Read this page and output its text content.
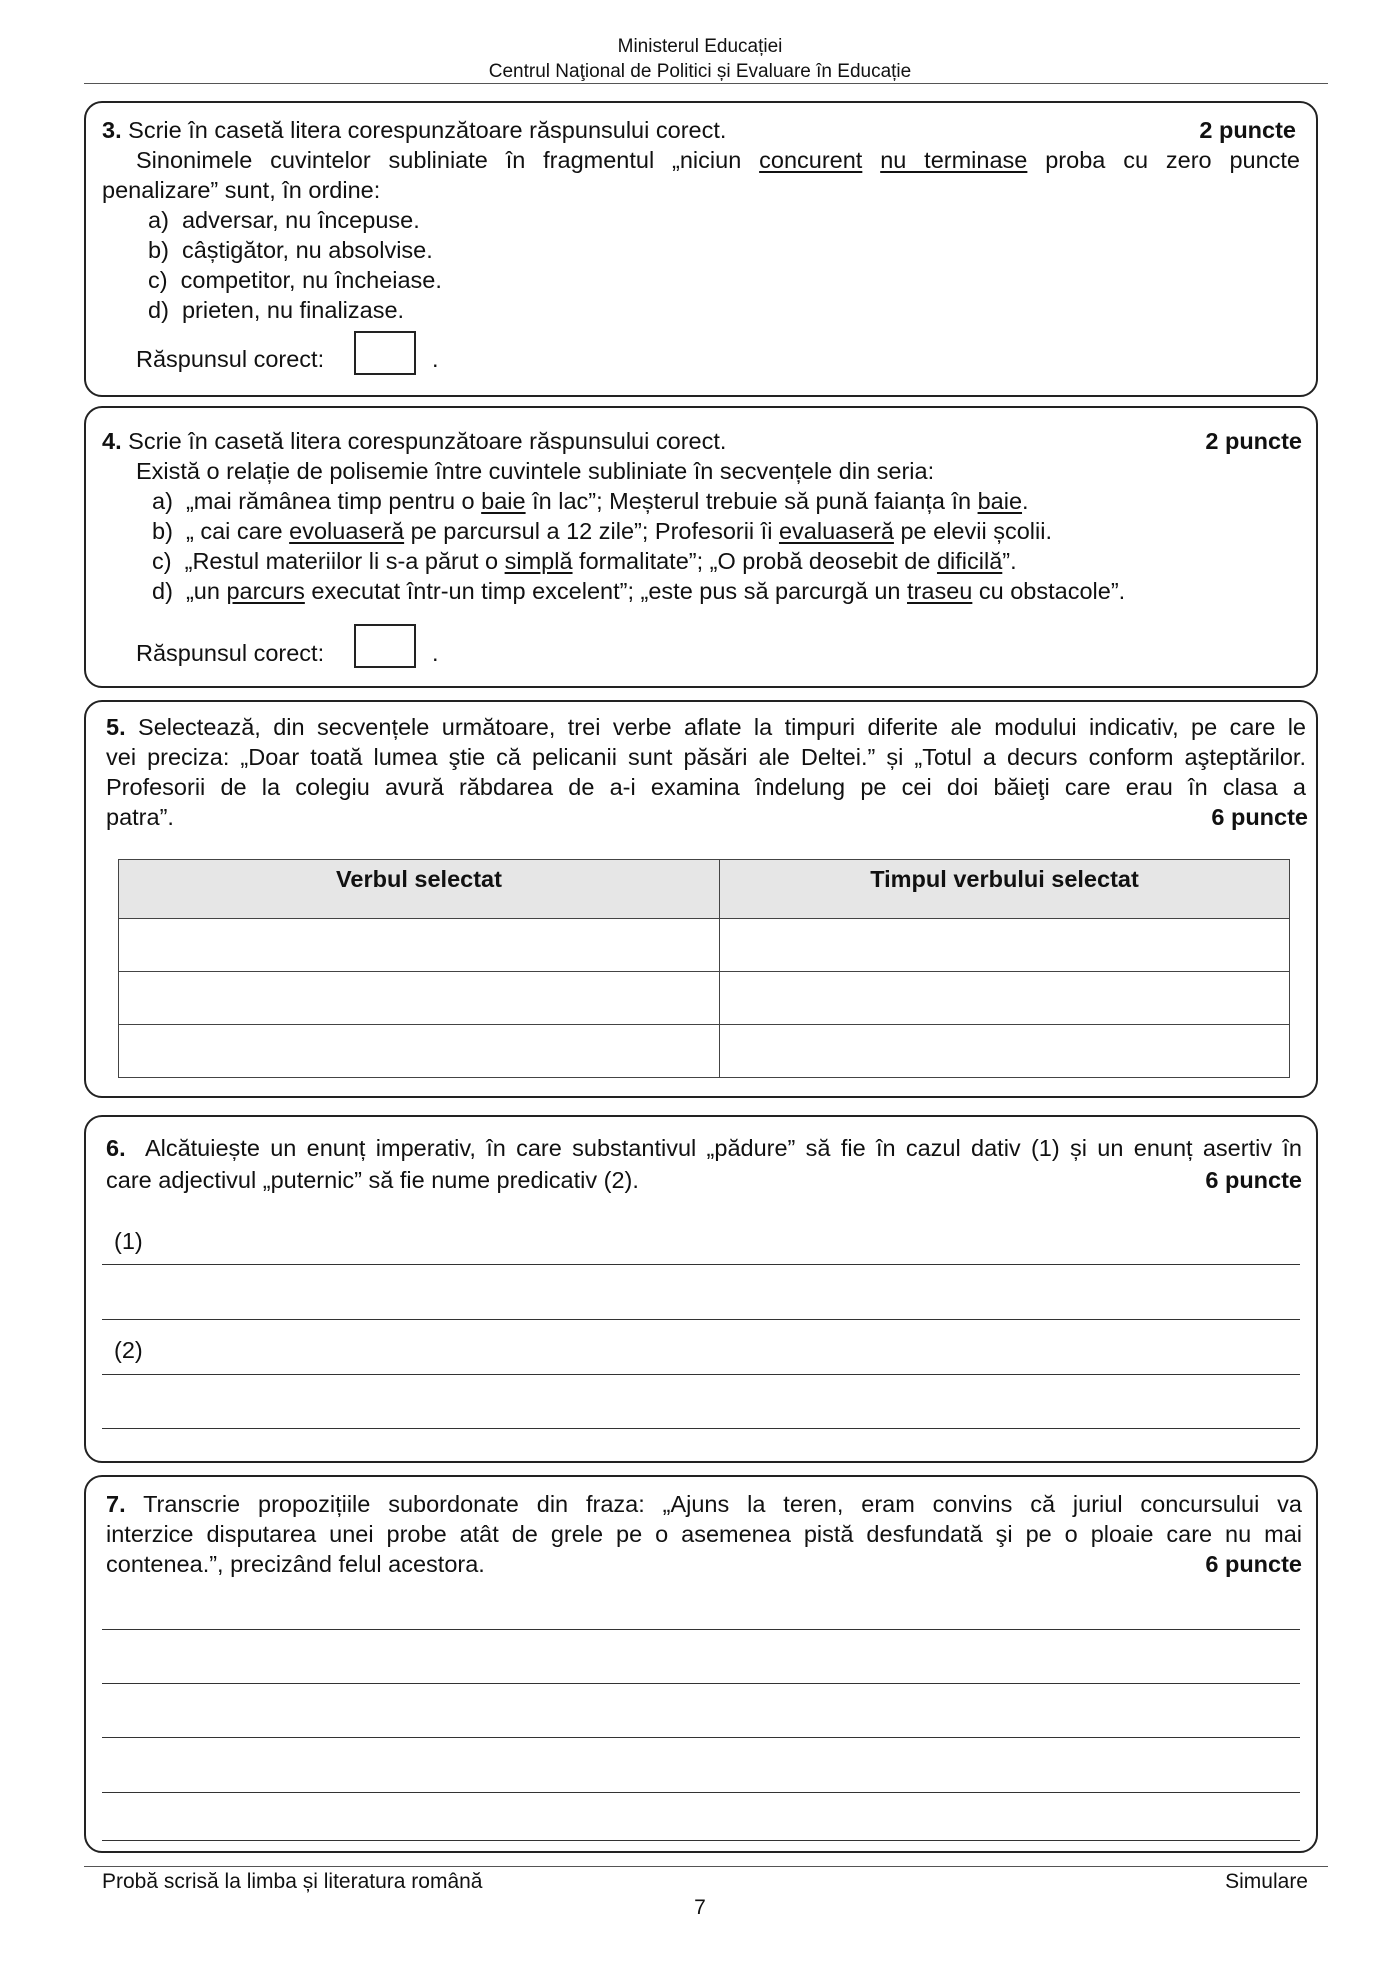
Ministerul Educației
Centrul Naţional de Politici și Evaluare în Educație
3. Scrie în casetă litera corespunzătoare răspunsului corect.	2 puncte
Sinonimele cuvintelor subliniate în fragmentul „niciun concurent nu terminase proba cu zero puncte
penalizare” sunt, în ordine:
a) adversar, nu începuse.
b) câștigător, nu absolvise.
c) competitor, nu încheiase.
d) prieten, nu finalizase.
Răspunsul corect:	.
4. Scrie în casetă litera corespunzătoare răspunsului corect.	2 puncte
Există o relație de polisemie între cuvintele subliniate în secvențele din seria:
a) „mai rămânea timp pentru o baie în lac”; Meșterul trebuie să pună faianța în baie.
b) „ cai care evoluaseră pe parcursul a 12 zile”; Profesorii îi evaluaseră pe elevii școlii.
c) „Restul materiilor li s-a părut o simplă formalitate”; „O probă deosebit de dificilă”.
d) „un parcurs executat într-un timp excelent”; „este pus să parcurgă un traseu cu obstacole”.
Răspunsul corect:	.
5. Selectează, din secvențele următoare, trei verbe aflate la timpuri diferite ale modului indicativ, pe care le
vei preciza: „Doar toată lumea ştie că pelicanii sunt păsări ale Deltei.” și „Totul a decurs conform aşteptărilor.
Profesorii de la colegiu avură răbdarea de a-i examina îndelung pe cei doi băieţi care erau în clasa a
patra”.	6 puncte
Verbul selectat	Timpul verbului selectat

6. Alcătuiește un enunț imperativ, în care substantivul „pădure” să fie în cazul dativ (1) și un enunț asertiv în
care adjectivul „puternic” să fie nume predicativ (2).	6 puncte
(1)
(2)
7. Transcrie propozițiile subordonate din fraza: „Ajuns la teren, eram convins că juriul concursului va
interzice disputarea unei probe atât de grele pe o asemenea pistă desfundată şi pe o ploaie care nu mai
contenea.”, precizând felul acestora.	6 puncte
Probă scrisă la limba și literatura română	Simulare
7
